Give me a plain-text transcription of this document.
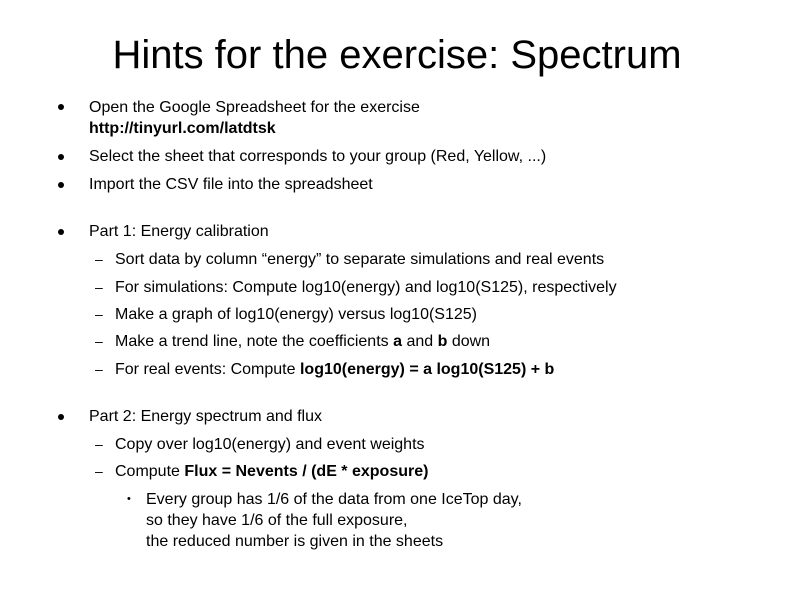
Hints for the exercise: Spectrum
Open the Google Spreadsheet for the exercise
http://tinyurl.com/latdtsk
Select the sheet that corresponds to your group (Red, Yellow, ...)
Import the CSV file into the spreadsheet
Part 1: Energy calibration
– Sort data by column “energy” to separate simulations and real events
– For simulations: Compute log10(energy) and log10(S125), respectively
– Make a graph of log10(energy) versus log10(S125)
– Make a trend line, note the coefficients a and b down
– For real events: Compute log10(energy) = a log10(S125) + b
Part 2: Energy spectrum and flux
– Copy over log10(energy) and event weights
– Compute Flux = Nevents / (dE * exposure)
• Every group has 1/6 of the data from one IceTop day,
so they have 1/6 of the full exposure,
the reduced number is given in the sheets
